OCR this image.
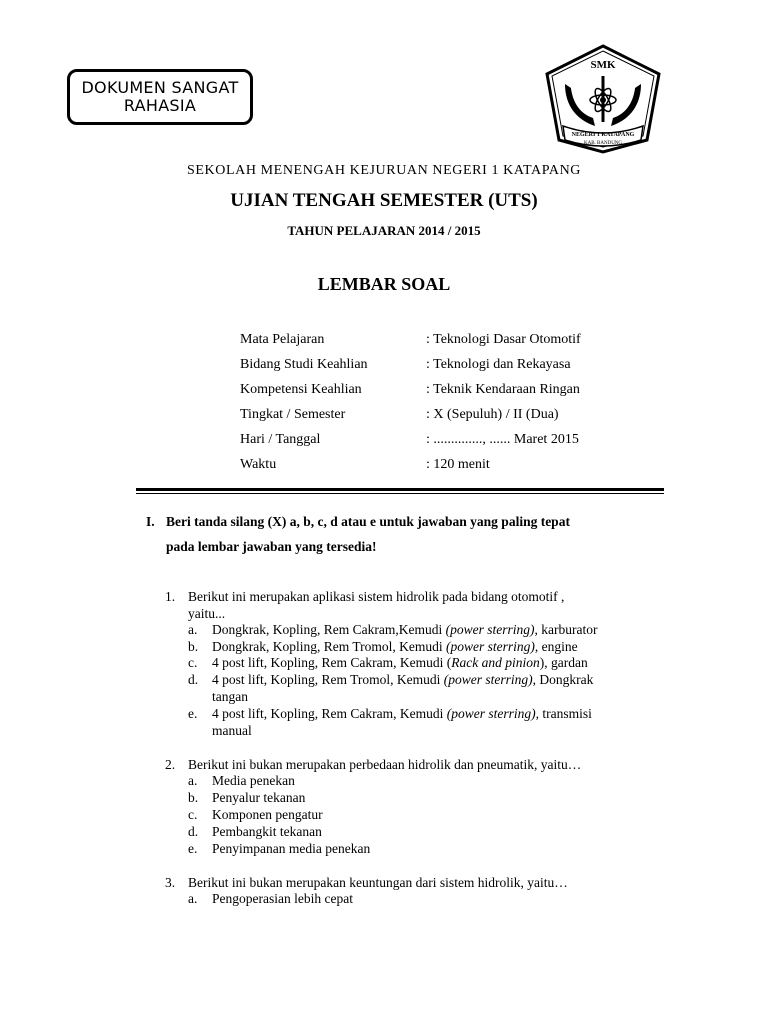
DOKUMEN SANGAT RAHASIA
SMK
NEGERI 1 KATAPANG
KAB. BANDUNG
SEKOLAH MENENGAH KEJURUAN NEGERI 1 KATAPANG
UJIAN TENGAH SEMESTER (UTS)
TAHUN PELAJARAN 2014 / 2015
LEMBAR SOAL
Mata Pelajaran	: Teknologi Dasar Otomotif
Bidang Studi Keahlian	: Teknologi dan Rekayasa
Kompetensi Keahlian	: Teknik Kendaraan Ringan
Tingkat / Semester	: X (Sepuluh) / II (Dua)
Hari / Tanggal	: .............., ...... Maret 2015
Waktu	: 120 menit
I. Beri tanda silang (X) a, b, c, d atau e untuk jawaban yang paling tepat
pada lembar jawaban yang tersedia!
1. Berikut ini merupakan aplikasi sistem hidrolik pada bidang otomotif ,
yaitu...
a. Dongkrak, Kopling, Rem Cakram,Kemudi (power sterring), karburator
b. Dongkrak, Kopling, Rem Tromol, Kemudi (power sterring), engine
c. 4 post lift, Kopling, Rem Cakram, Kemudi (Rack and pinion), gardan
d. 4 post lift, Kopling, Rem Tromol, Kemudi (power sterring), Dongkrak
tangan
e. 4 post lift, Kopling, Rem Cakram, Kemudi (power sterring), transmisi
manual
2. Berikut ini bukan merupakan perbedaan hidrolik dan pneumatik, yaitu…
a. Media penekan
b. Penyalur tekanan
c. Komponen pengatur
d. Pembangkit tekanan
e. Penyimpanan media penekan
3. Berikut ini bukan merupakan keuntungan dari sistem hidrolik, yaitu…
a. Pengoperasian lebih cepat
